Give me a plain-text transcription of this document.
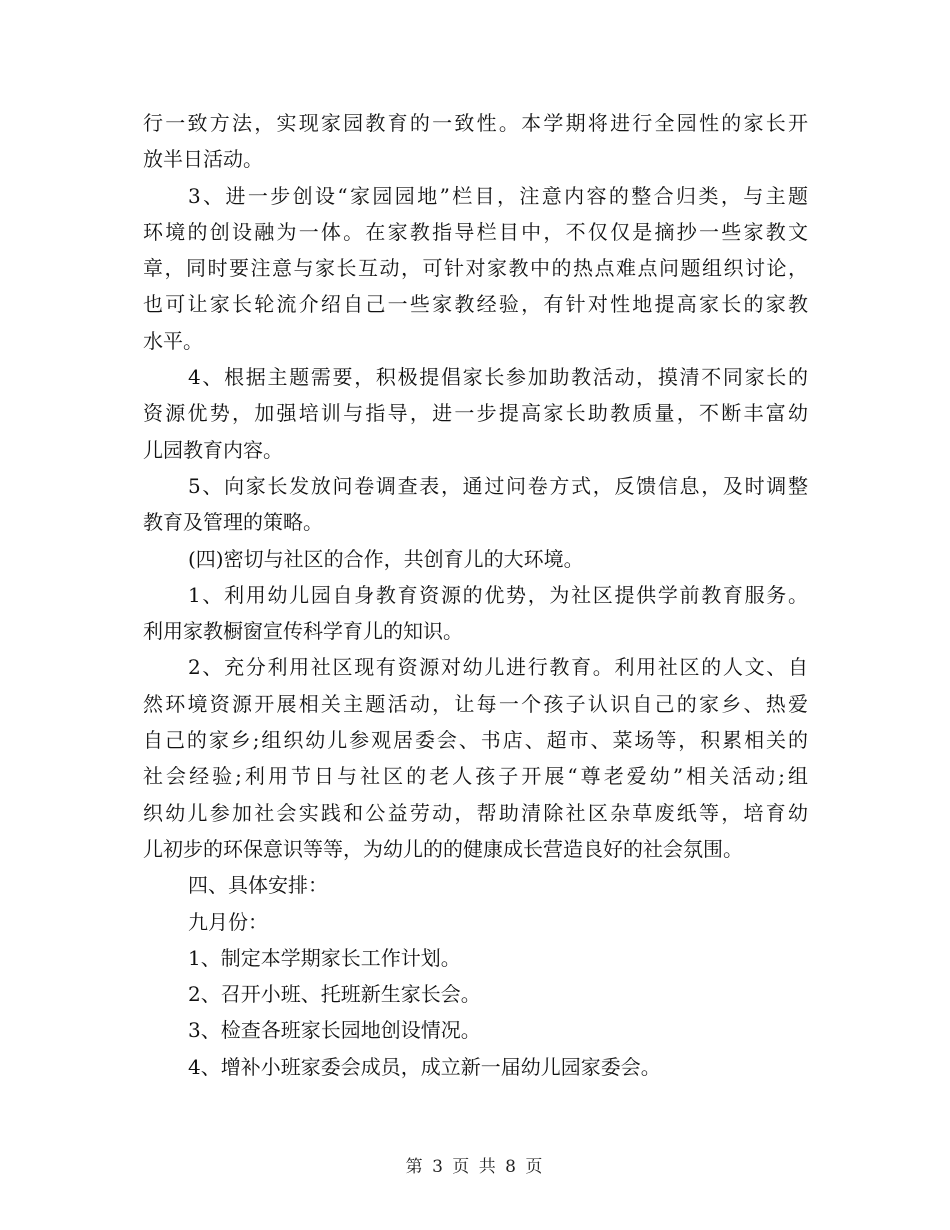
行一致方法，实现家园教育的一致性。本学期将进行全园性的家长开
放半日活动。
3、进一步创设“家园园地”栏目，注意内容的整合归类，与主题
环境的创设融为一体。在家教指导栏目中，不仅仅是摘抄一些家教文
章，同时要注意与家长互动，可针对家教中的热点难点问题组织讨论，
也可让家长轮流介绍自己一些家教经验，有针对性地提高家长的家教
水平。
4、根据主题需要，积极提倡家长参加助教活动，摸清不同家长的
资源优势，加强培训与指导，进一步提高家长助教质量，不断丰富幼
儿园教育内容。
5、向家长发放问卷调查表，通过问卷方式，反馈信息，及时调整
教育及管理的策略。
(四)密切与社区的合作，共创育儿的大环境。
1、利用幼儿园自身教育资源的优势，为社区提供学前教育服务。
利用家教橱窗宣传科学育儿的知识。
2、充分利用社区现有资源对幼儿进行教育。利用社区的人文、自
然环境资源开展相关主题活动，让每一个孩子认识自己的家乡、热爱
自己的家乡;组织幼儿参观居委会、书店、超市、菜场等，积累相关的
社会经验;利用节日与社区的老人孩子开展“尊老爱幼”相关活动;组
织幼儿参加社会实践和公益劳动，帮助清除社区杂草废纸等，培育幼
儿初步的环保意识等等，为幼儿的的健康成长营造良好的社会氛围。
四、具体安排：
九月份：
1、制定本学期家长工作计划。
2、召开小班、托班新生家长会。
3、检查各班家长园地创设情况。
4、增补小班家委会成员，成立新一届幼儿园家委会。
第 3 页 共 8 页
